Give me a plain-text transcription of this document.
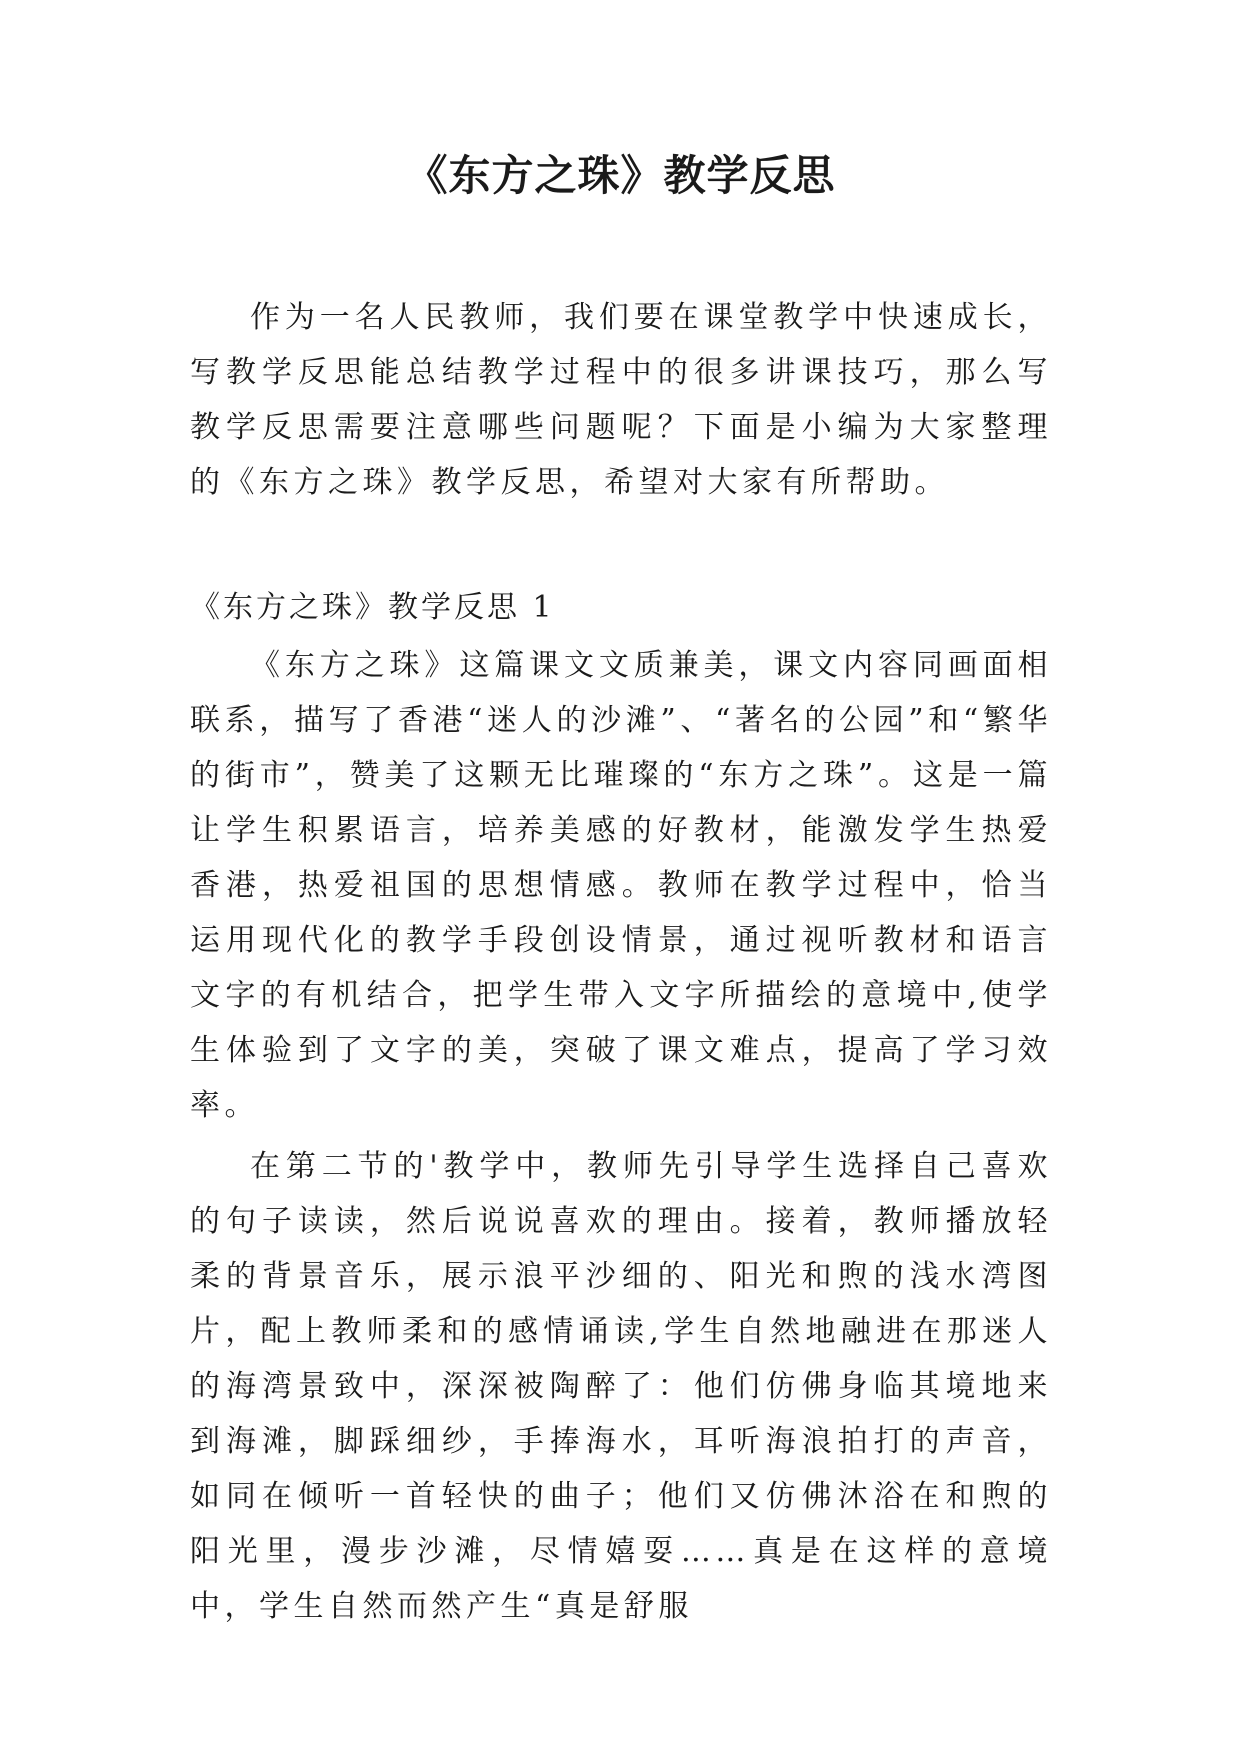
《东方之珠》教学反思

作为一名人民教师，我们要在课堂教学中快速成长，写教学反思能总结教学过程中的很多讲课技巧，那么写教学反思需要注意哪些问题呢？下面是小编为大家整理的《东方之珠》教学反思，希望对大家有所帮助。

《东方之珠》教学反思 1

《东方之珠》这篇课文文质兼美，课文内容同画面相联系，描写了香港“迷人的沙滩”、“著名的公园”和“繁华的街市”，赞美了这颗无比璀璨的“东方之珠”。这是一篇让学生积累语言，培养美感的好教材，能激发学生热爱香港，热爱祖国的思想情感。教师在教学过程中，恰当运用现代化的教学手段创设情景，通过视听教材和语言文字的有机结合，把学生带入文字所描绘的意境中,使学生体验到了文字的美，突破了课文难点，提高了学习效率。

在第二节的'教学中，教师先引导学生选择自己喜欢的句子读读，然后说说喜欢的理由。接着，教师播放轻柔的背景音乐，展示浪平沙细的、阳光和煦的浅水湾图片，配上教师柔和的感情诵读,学生自然地融进在那迷人的海湾景致中，深深被陶醉了：他们仿佛身临其境地来到海滩，脚踩细纱，手捧海水，耳听海浪拍打的声音，如同在倾听一首轻快的曲子；他们又仿佛沐浴在和煦的阳光里，漫步沙滩，尽情嬉耍……真是在这样的意境中，学生自然而然产生“真是舒服
